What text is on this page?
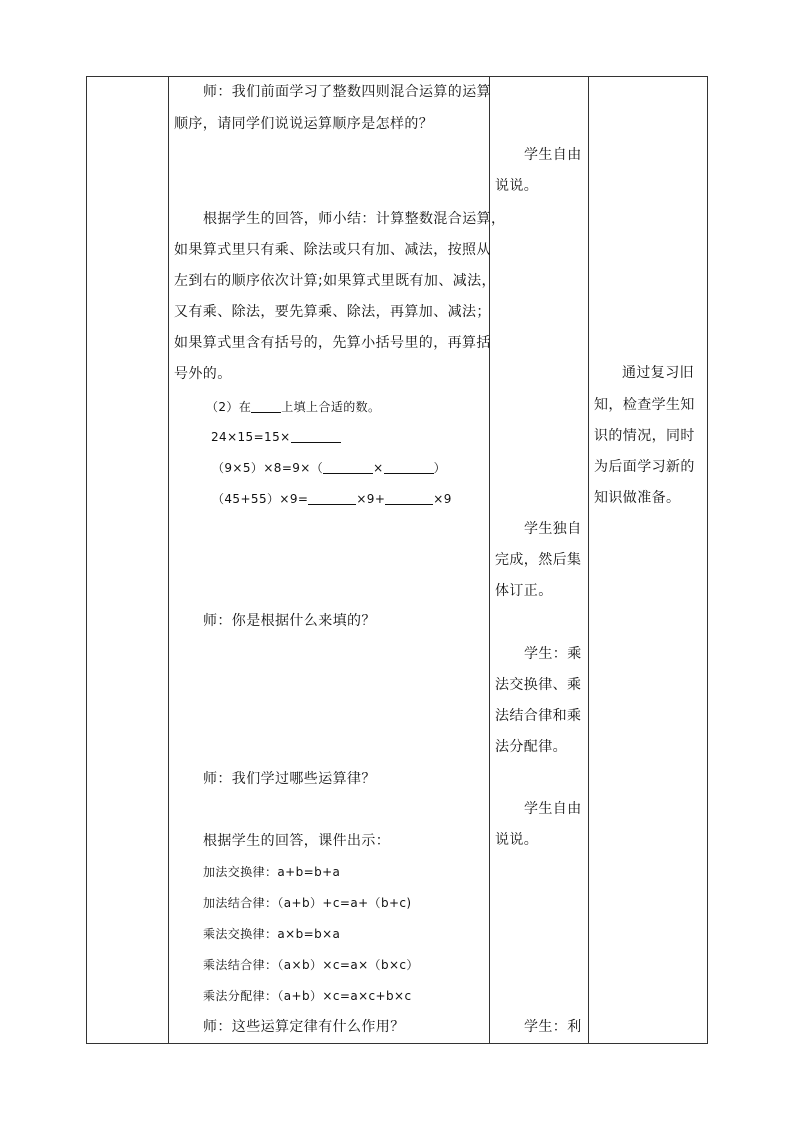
师：我们前面学习了整数四则混合运算的运算
顺序，请同学们说说运算顺序是怎样的？
根据学生的回答，师小结：计算整数混合运算，
如果算式里只有乘、除法或只有加、减法，按照从
左到右的顺序依次计算;如果算式里既有加、减法，
又有乘、除法，要先算乘、除法，再算加、减法；
如果算式里含有括号的，先算小括号里的，再算括
号外的。
（2）在	上填上合适的数。
24×15=15×
（9×5）×8=9×（	×	）
（45+55）×9=	×9+	×9
师：你是根据什么来填的？
师：我们学过哪些运算律？
根据学生的回答，课件出示：
加法交换律：a+b=b+a
加法结合律：（a+b）+c=a+（b+c)
乘法交换律：a×b=b×a
乘法结合律：（a×b）×c=a×（b×c）
乘法分配律：（a+b）×c=a×c+b×c
师：这些运算定律有什么作用？
学生自由
说说。
学生独自
完成，然后集
体订正。
学生：乘
法交换律、乘
法结合律和乘
法分配律。
学生自由
说说。
学生：利
通过复习旧
知，检查学生知
识的情况，同时
为后面学习新的
知识做准备。
